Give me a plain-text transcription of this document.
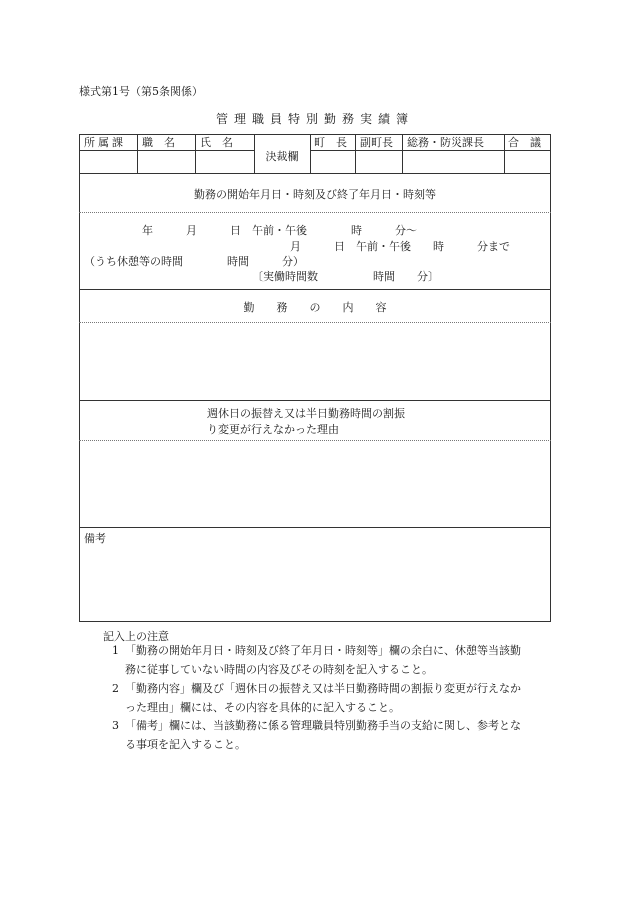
様式第1号（第5条関係）
管理職員特別勤務実績簿
所属課 職　名 氏　名
決裁欄
町　長 副町長 総務・防災課長 合　議
勤務の開始年月日・時刻及び終了年月日・時刻等
年　　　月　　　日　午前・午後　　　　時　　　分～
月　　　日　午前・午後　　時　　　分まで
（うち休憩等の時間　　　　時間　　　分）
〔実働時間数　　　　　時間　　分〕
勤　　務　　の　　内　　容
週休日の振替え又は半日勤務時間の割振
り変更が行えなかった理由
備考
記入上の注意
1 「勤務の開始年月日・時刻及び終了年月日・時刻等」欄の余白に、休憩等当該勤
務に従事していない時間の内容及びその時刻を記入すること。
2 「勤務内容」欄及び「週休日の振替え又は半日勤務時間の割振り変更が行えなか
った理由」欄には、その内容を具体的に記入すること。
3 「備考」欄には、当該勤務に係る管理職員特別勤務手当の支給に関し、参考とな
る事項を記入すること。
